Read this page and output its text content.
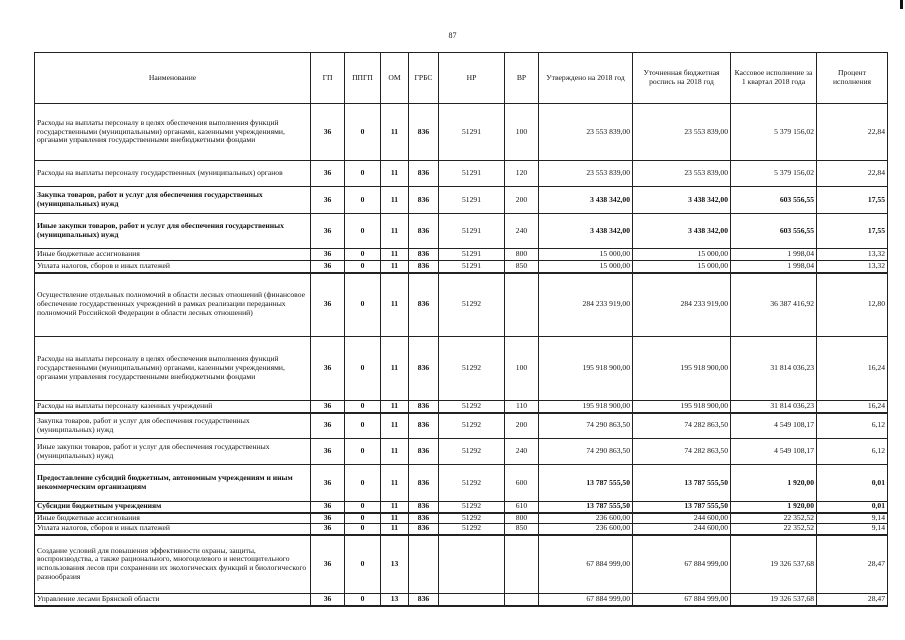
87
Наименование	ГП	ППГП	ОМ	ГРБС	НР	ВР	Утверждено на 2018 год	Уточненная бюджетная роспись на 2018 год	Кассовое исполнение за 1 квартал 2018 года	Процент исполнения
Расходы на выплаты персоналу в целях обеспечения выполнения функций государственными (муниципальными) органами, казенными учреждениями, органами управления государственными внебюджетными фондами	36	0	11	836	51291	100	23 553 839,00	23 553 839,00	5 379 156,02	22,84
Расходы на выплаты персоналу государственных (муниципальных) органов	36	0	11	836	51291	120	23 553 839,00	23 553 839,00	5 379 156,02	22,84
Закупка товаров, работ и услуг для обеспечения государственных (муниципальных) нужд	36	0	11	836	51291	200	3 438 342,00	3 438 342,00	603 556,55	17,55
Иные закупки товаров, работ и услуг для обеспечения государственных (муниципальных) нужд	36	0	11	836	51291	240	3 438 342,00	3 438 342,00	603 556,55	17,55
Иные бюджетные ассигнования	36	0	11	836	51291	800	15 000,00	15 000,00	1 998,04	13,32
Уплата налогов, сборов и иных платежей	36	0	11	836	51291	850	15 000,00	15 000,00	1 998,04	13,32
Осуществление отдельных полномочий в области лесных отношений (финансовое обеспечение государственных учреждений в рамках реализации переданных полномочий Российской Федерации в области лесных отношений)	36	0	11	836	51292		284 233 919,00	284 233 919,00	36 387 416,92	12,80
Расходы на выплаты персоналу в целях обеспечения выполнения функций государственными (муниципальными) органами, казенными учреждениями, органами управления государственными внебюджетными фондами	36	0	11	836	51292	100	195 918 900,00	195 918 900,00	31 814 036,23	16,24
Расходы на выплаты персоналу казенных учреждений	36	0	11	836	51292	110	195 918 900,00	195 918 900,00	31 814 036,23	16,24
Закупка товаров, работ и услуг для обеспечения государственных (муниципальных) нужд	36	0	11	836	51292	200	74 290 863,50	74 282 863,50	4 549 108,17	6,12
Иные закупки товаров, работ и услуг для обеспечения государственных (муниципальных) нужд	36	0	11	836	51292	240	74 290 863,50	74 282 863,50	4 549 108,17	6,12
Предоставление субсидий бюджетным, автономным учреждениям и иным некоммерческим организациям	36	0	11	836	51292	600	13 787 555,50	13 787 555,50	1 920,00	0,01
Субсидии бюджетным учреждениям	36	0	11	836	51292	610	13 787 555,50	13 787 555,50	1 920,00	0,01
Иные бюджетные ассигнования	36	0	11	836	51292	800	236 600,00	244 600,00	22 352,52	9,14
Уплата налогов, сборов и иных платежей	36	0	11	836	51292	850	236 600,00	244 600,00	22 352,52	9,14
Создание условий для повышения эффективности охраны, защиты, воспроизводства, а также рационального, многоцелевого и неистощительного использования лесов при сохранении их экологических функций и биологического разнообразия	36	0	13				67 884 999,00	67 884 999,00	19 326 537,68	28,47
Управление лесами Брянской области	36	0	13	836			67 884 999,00	67 884 999,00	19 326 537,68	28,47
